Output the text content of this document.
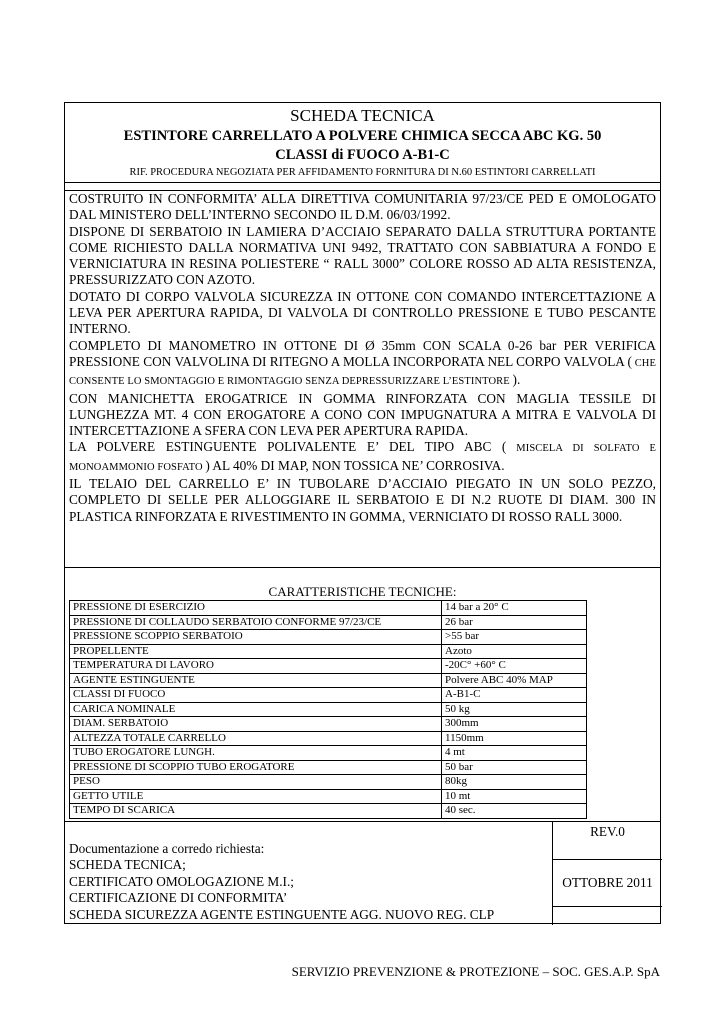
SCHEDA TECNICA
ESTINTORE CARRELLATO A POLVERE CHIMICA SECCA ABC KG. 50
CLASSI di FUOCO A-B1-C
RIF. PROCEDURA NEGOZIATA PER AFFIDAMENTO FORNITURA DI N.60 ESTINTORI CARRELLATI

COSTRUITO IN CONFORMITA’ ALLA DIRETTIVA COMUNITARIA 97/23/CE PED E OMOLOGATO DAL MINISTERO DELL’INTERNO SECONDO IL D.M. 06/03/1992.

DISPONE DI SERBATOIO IN LAMIERA D’ACCIAIO SEPARATO DALLA STRUTTURA PORTANTE COME RICHIESTO DALLA NORMATIVA UNI 9492, TRATTATO CON SABBIATURA A FONDO E VERNICIATURA IN RESINA POLIESTERE “ RALL 3000” COLORE ROSSO AD ALTA RESISTENZA, PRESSURIZZATO CON AZOTO.

DOTATO DI CORPO VALVOLA SICUREZZA IN OTTONE CON COMANDO INTERCETTAZIONE A LEVA PER APERTURA RAPIDA, DI VALVOLA DI CONTROLLO PRESSIONE E TUBO PESCANTE INTERNO.

COMPLETO DI MANOMETRO IN OTTONE DI Ø 35mm CON SCALA 0-26 bar PER VERIFICA PRESSIONE CON VALVOLINA DI RITEGNO A MOLLA INCORPORATA NEL CORPO VALVOLA ( CHE CONSENTE LO SMONTAGGIO E RIMONTAGGIO SENZA DEPRESSURIZZARE L’ESTINTORE ).

CON MANICHETTA EROGATRICE IN GOMMA RINFORZATA CON MAGLIA TESSILE DI LUNGHEZZA MT. 4 CON EROGATORE A CONO CON IMPUGNATURA A MITRA E VALVOLA DI INTERCETTAZIONE A SFERA CON LEVA PER APERTURA RAPIDA.

LA POLVERE ESTINGUENTE POLIVALENTE E’ DEL TIPO ABC ( MISCELA DI SOLFATO E MONOAMMONIO FOSFATO ) AL 40% DI MAP, NON TOSSICA NE’ CORROSIVA.

IL TELAIO DEL CARRELLO E’ IN TUBOLARE D’ACCIAIO PIEGATO IN UN SOLO PEZZO, COMPLETO DI SELLE PER ALLOGGIARE IL SERBATOIO E DI N.2 RUOTE DI DIAM. 300 IN PLASTICA RINFORZATA E RIVESTIMENTO IN GOMMA, VERNICIATO DI ROSSO RALL 3000.

CARATTERISTICHE TECNICHE:
PRESSIONE DI ESERCIZIO	14 bar a 20° C
PRESSIONE DI COLLAUDO SERBATOIO CONFORME 97/23/CE	26 bar
PRESSIONE SCOPPIO SERBATOIO	>55 bar
PROPELLENTE	Azoto
TEMPERATURA DI LAVORO	-20C° +60° C
AGENTE ESTINGUENTE	Polvere ABC 40% MAP
CLASSI DI FUOCO	A-B1-C
CARICA NOMINALE	50 kg
DIAM. SERBATOIO	300mm
ALTEZZA TOTALE CARRELLO	1150mm
TUBO EROGATORE LUNGH.	4 mt
PRESSIONE DI SCOPPIO TUBO EROGATORE	50 bar
PESO	80kg
GETTO UTILE	10 mt
TEMPO DI SCARICA	40 sec.
Documentazione a corredo richiesta:
SCHEDA TECNICA;
CERTIFICATO OMOLOGAZIONE M.I.;
CERTIFICAZIONE DI CONFORMITA’
SCHEDA SICUREZZA AGENTE ESTINGUENTE AGG. NUOVO REG. CLP
REV.0
OTTOBRE 2011
SERVIZIO PREVENZIONE & PROTEZIONE – SOC. GES.A.P. SpA
